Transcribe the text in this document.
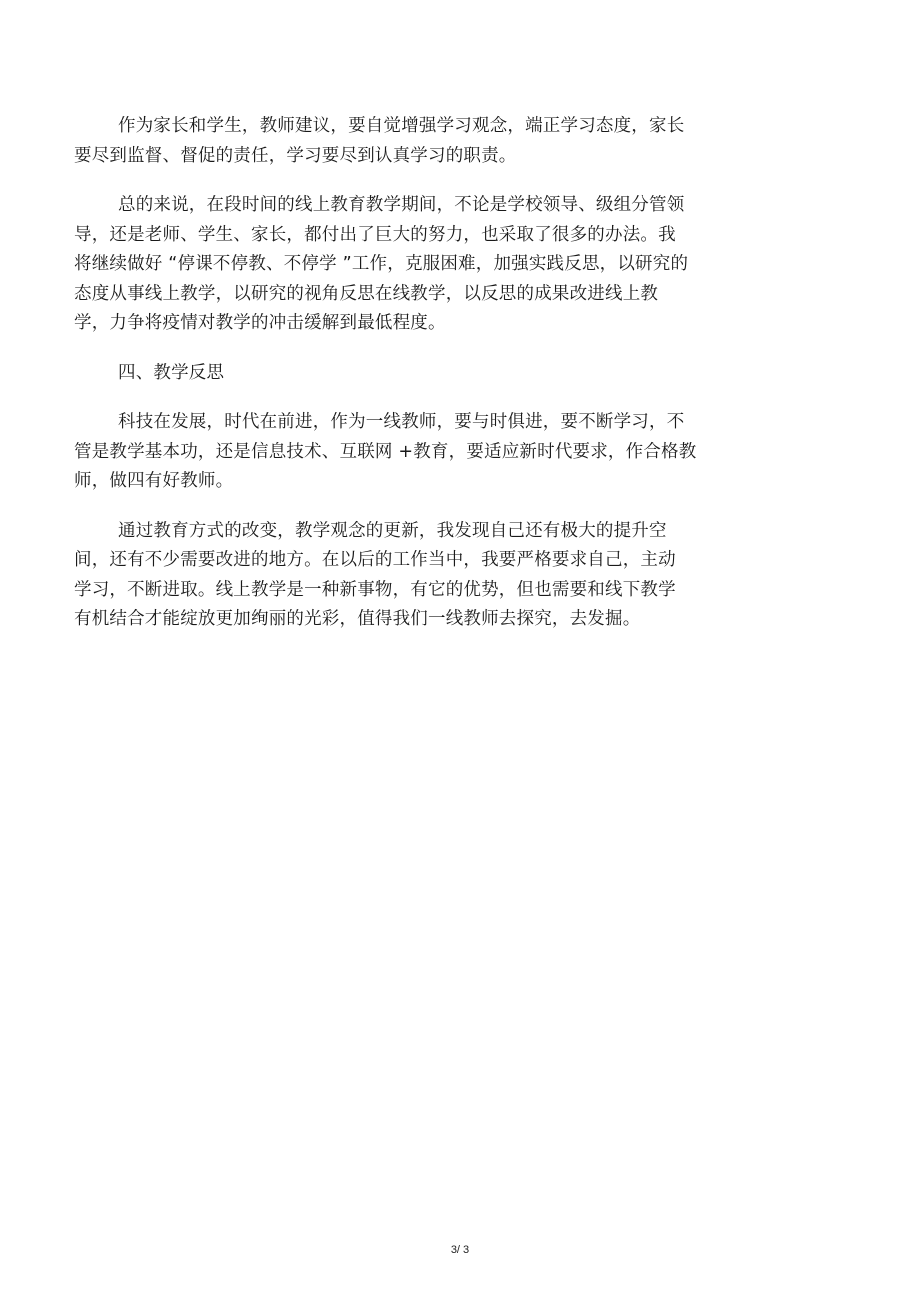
作为家长和学生，教师建议，要自觉增强学习观念，端正学习态度，家长
要尽到监督、督促的责任，学习要尽到认真学习的职责。
总的来说，在段时间的线上教育教学期间，不论是学校领导、级组分管领
导，还是老师、学生、家长，都付出了巨大的努力，也采取了很多的办法。我
将继续做好 “停课不停教、不停学 ”工作，克服困难，加强实践反思，以研究的
态度从事线上教学，以研究的视角反思在线教学，以反思的成果改进线上教
学，力争将疫情对教学的冲击缓解到最低程度。
四、教学反思
科技在发展，时代在前进，作为一线教师，要与时俱进，要不断学习，不
管是教学基本功，还是信息技术、互联网 +教育，要适应新时代要求，作合格教
师，做四有好教师。
通过教育方式的改变，教学观念的更新，我发现自己还有极大的提升空
间，还有不少需要改进的地方。在以后的工作当中，我要严格要求自己，主动
学习，不断进取。线上教学是一种新事物，有它的优势，但也需要和线下教学
有机结合才能绽放更加绚丽的光彩，值得我们一线教师去探究，去发掘。
3/ 3
